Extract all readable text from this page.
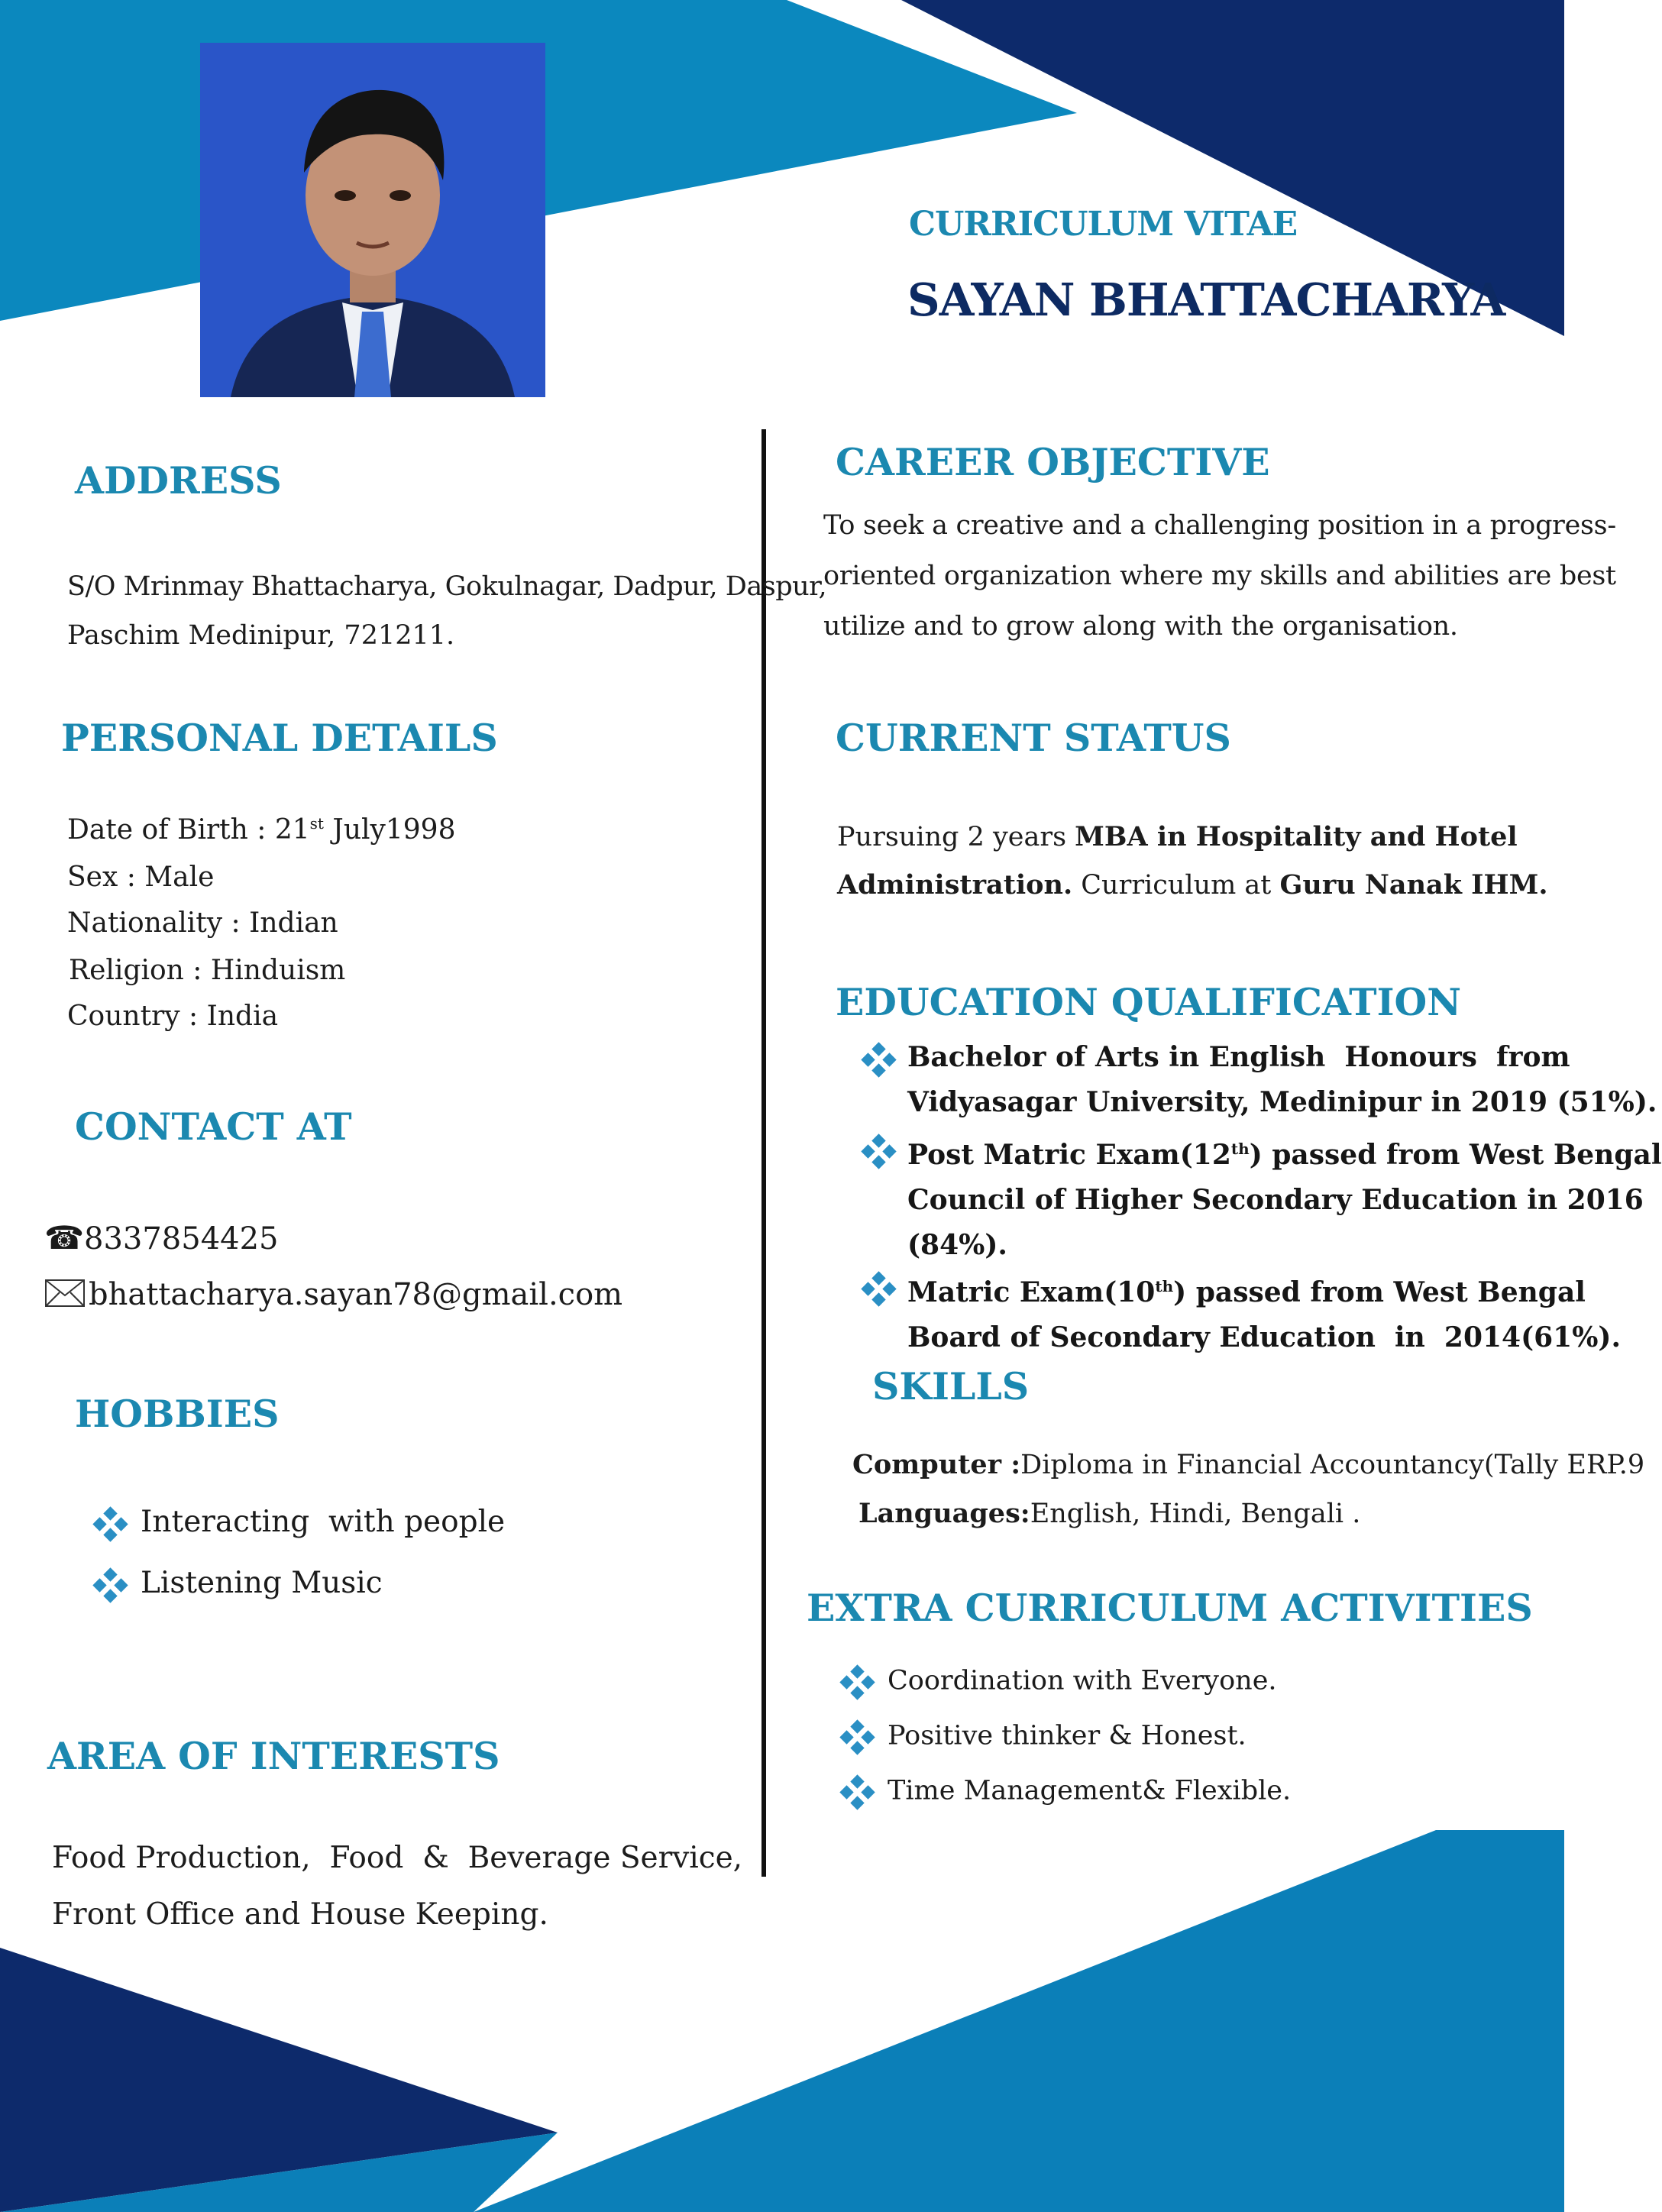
CURRICULUM VITAE
SAYAN BHATTACHARYA
ADDRESS
S/O Mrinmay Bhattacharya, Gokulnagar, Dadpur, Daspur,
Paschim Medinipur, 721211.
PERSONAL DETAILS
Date of Birth : 21st July1998
Sex : Male
Nationality : Indian
Religion : Hinduism
Country : India
CONTACT AT
☎8337854425
bhattacharya.sayan78@gmail.com
HOBBIES
Interacting  with people
Listening Music
AREA OF INTERESTS
Food Production,  Food  &  Beverage Service,
Front Office and House Keeping.
CAREER OBJECTIVE
To seek a creative and a challenging position in a progress-
oriented organization where my skills and abilities are best
utilize and to grow along with the organisation.
CURRENT STATUS
Pursuing 2 years MBA in Hospitality and Hotel
Administration. Curriculum at Guru Nanak IHM.
EDUCATION QUALIFICATION
Bachelor of Arts in English  Honours  from
Vidyasagar University, Medinipur in 2019 (51%).
Post Matric Exam(12th) passed from West Bengal
Council of Higher Secondary Education in 2016
(84%).
Matric Exam(10th) passed from West Bengal
Board of Secondary Education  in  2014(61%).
SKILLS
Computer :Diploma in Financial Accountancy(Tally ERP.9
Languages:English, Hindi, Bengali .
EXTRA CURRICULUM ACTIVITIES
Coordination with Everyone.
Positive thinker & Honest.
Time Management& Flexible.
